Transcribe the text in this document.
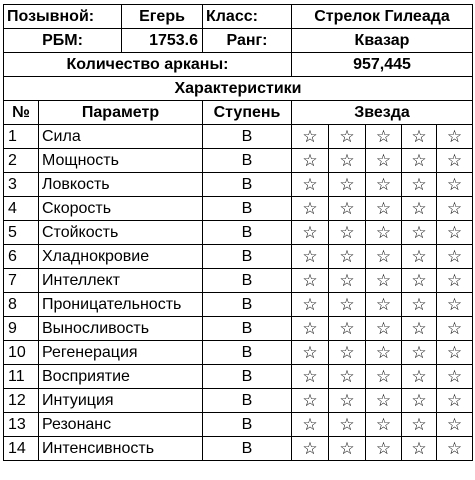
Позывной:		Егерь	Класс:	Стрелок Гилеада				
РБМ:		1753.6	Ранг:	Квазар				
Количество арканы:				957,445				
Характеристики								
№	Параметр		Ступень	Звезда				
1	Сила		B	☆	☆	☆	☆	☆
2	Мощность		B	☆	☆	☆	☆	☆
3	Ловкость		B	☆	☆	☆	☆	☆
4	Скорость		B	☆	☆	☆	☆	☆
5	Стойкость		B	☆	☆	☆	☆	☆
6	Хладнокровие		B	☆	☆	☆	☆	☆
7	Интеллект		B	☆	☆	☆	☆	☆
8	Проницательность		B	☆	☆	☆	☆	☆
9	Выносливость		B	☆	☆	☆	☆	☆
10	Регенерация		B	☆	☆	☆	☆	☆
11	Восприятие		B	☆	☆	☆	☆	☆
12	Интуиция		B	☆	☆	☆	☆	☆
13	Резонанс		B	☆	☆	☆	☆	☆
14	Интенсивность		B	☆	☆	☆	☆	☆
